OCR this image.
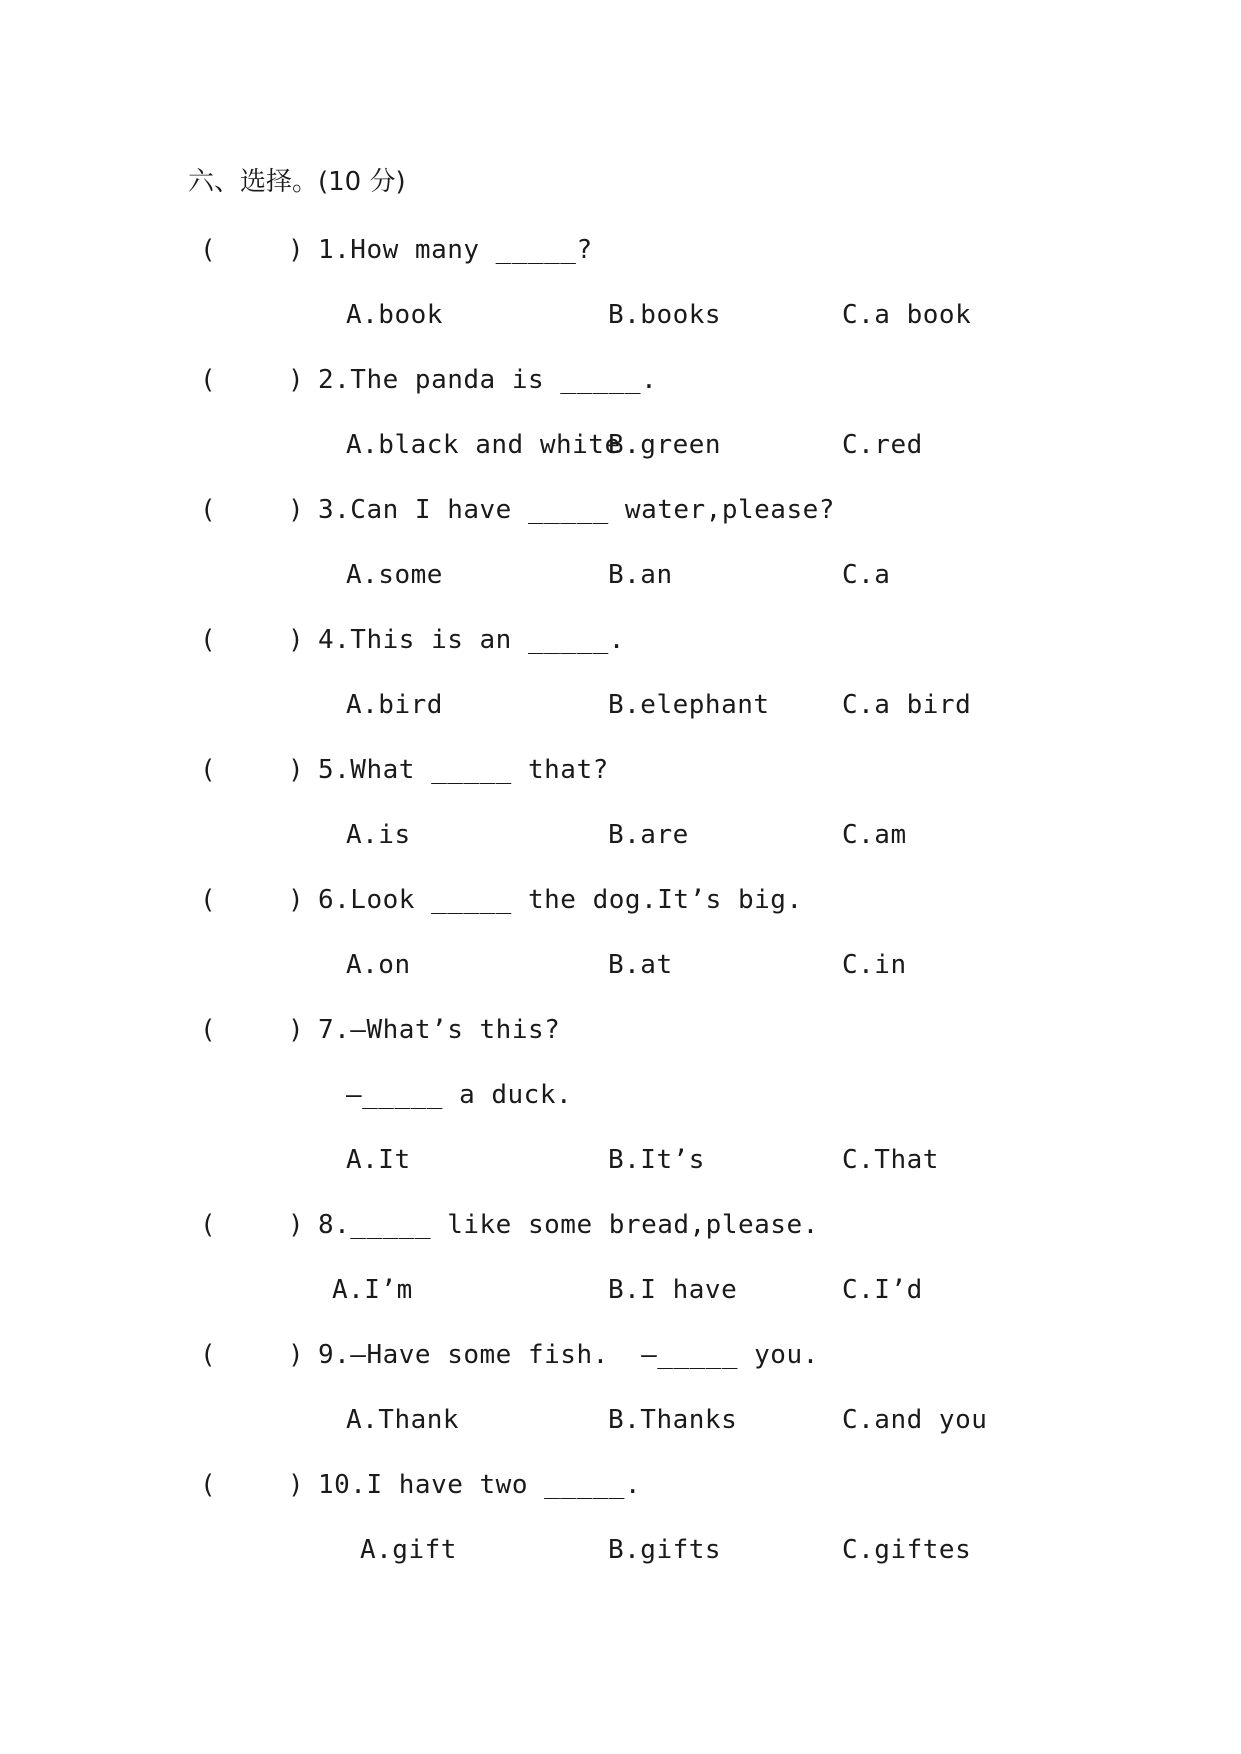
六、选择。(10 分)
(	) 1.How many _____?
A.book	B.books	C.a book
(	) 2.The panda is _____.
A.black and white
B.green	C.red
(	) 3.Can I have _____ water,please?
A.some	B.an	C.a
(	) 4.This is an _____.
A.bird	B.elephant	C.a bird
(	) 5.What _____ that?
A.is	B.are	C.am
(	) 6.Look _____ the dog.It’s big.
A.on	B.at	C.in
(	) 7.—What’s this?
—_____ a duck.
A.It	B.It’s	C.That
(	) 8._____ like some bread,please.
A.I’m	B.I have	C.I’d
(	) 9.—Have some fish.  —_____ you.
A.Thank	B.Thanks	C.and you
(	) 10.I have two _____.
A.gift	B.gifts	C.giftes
